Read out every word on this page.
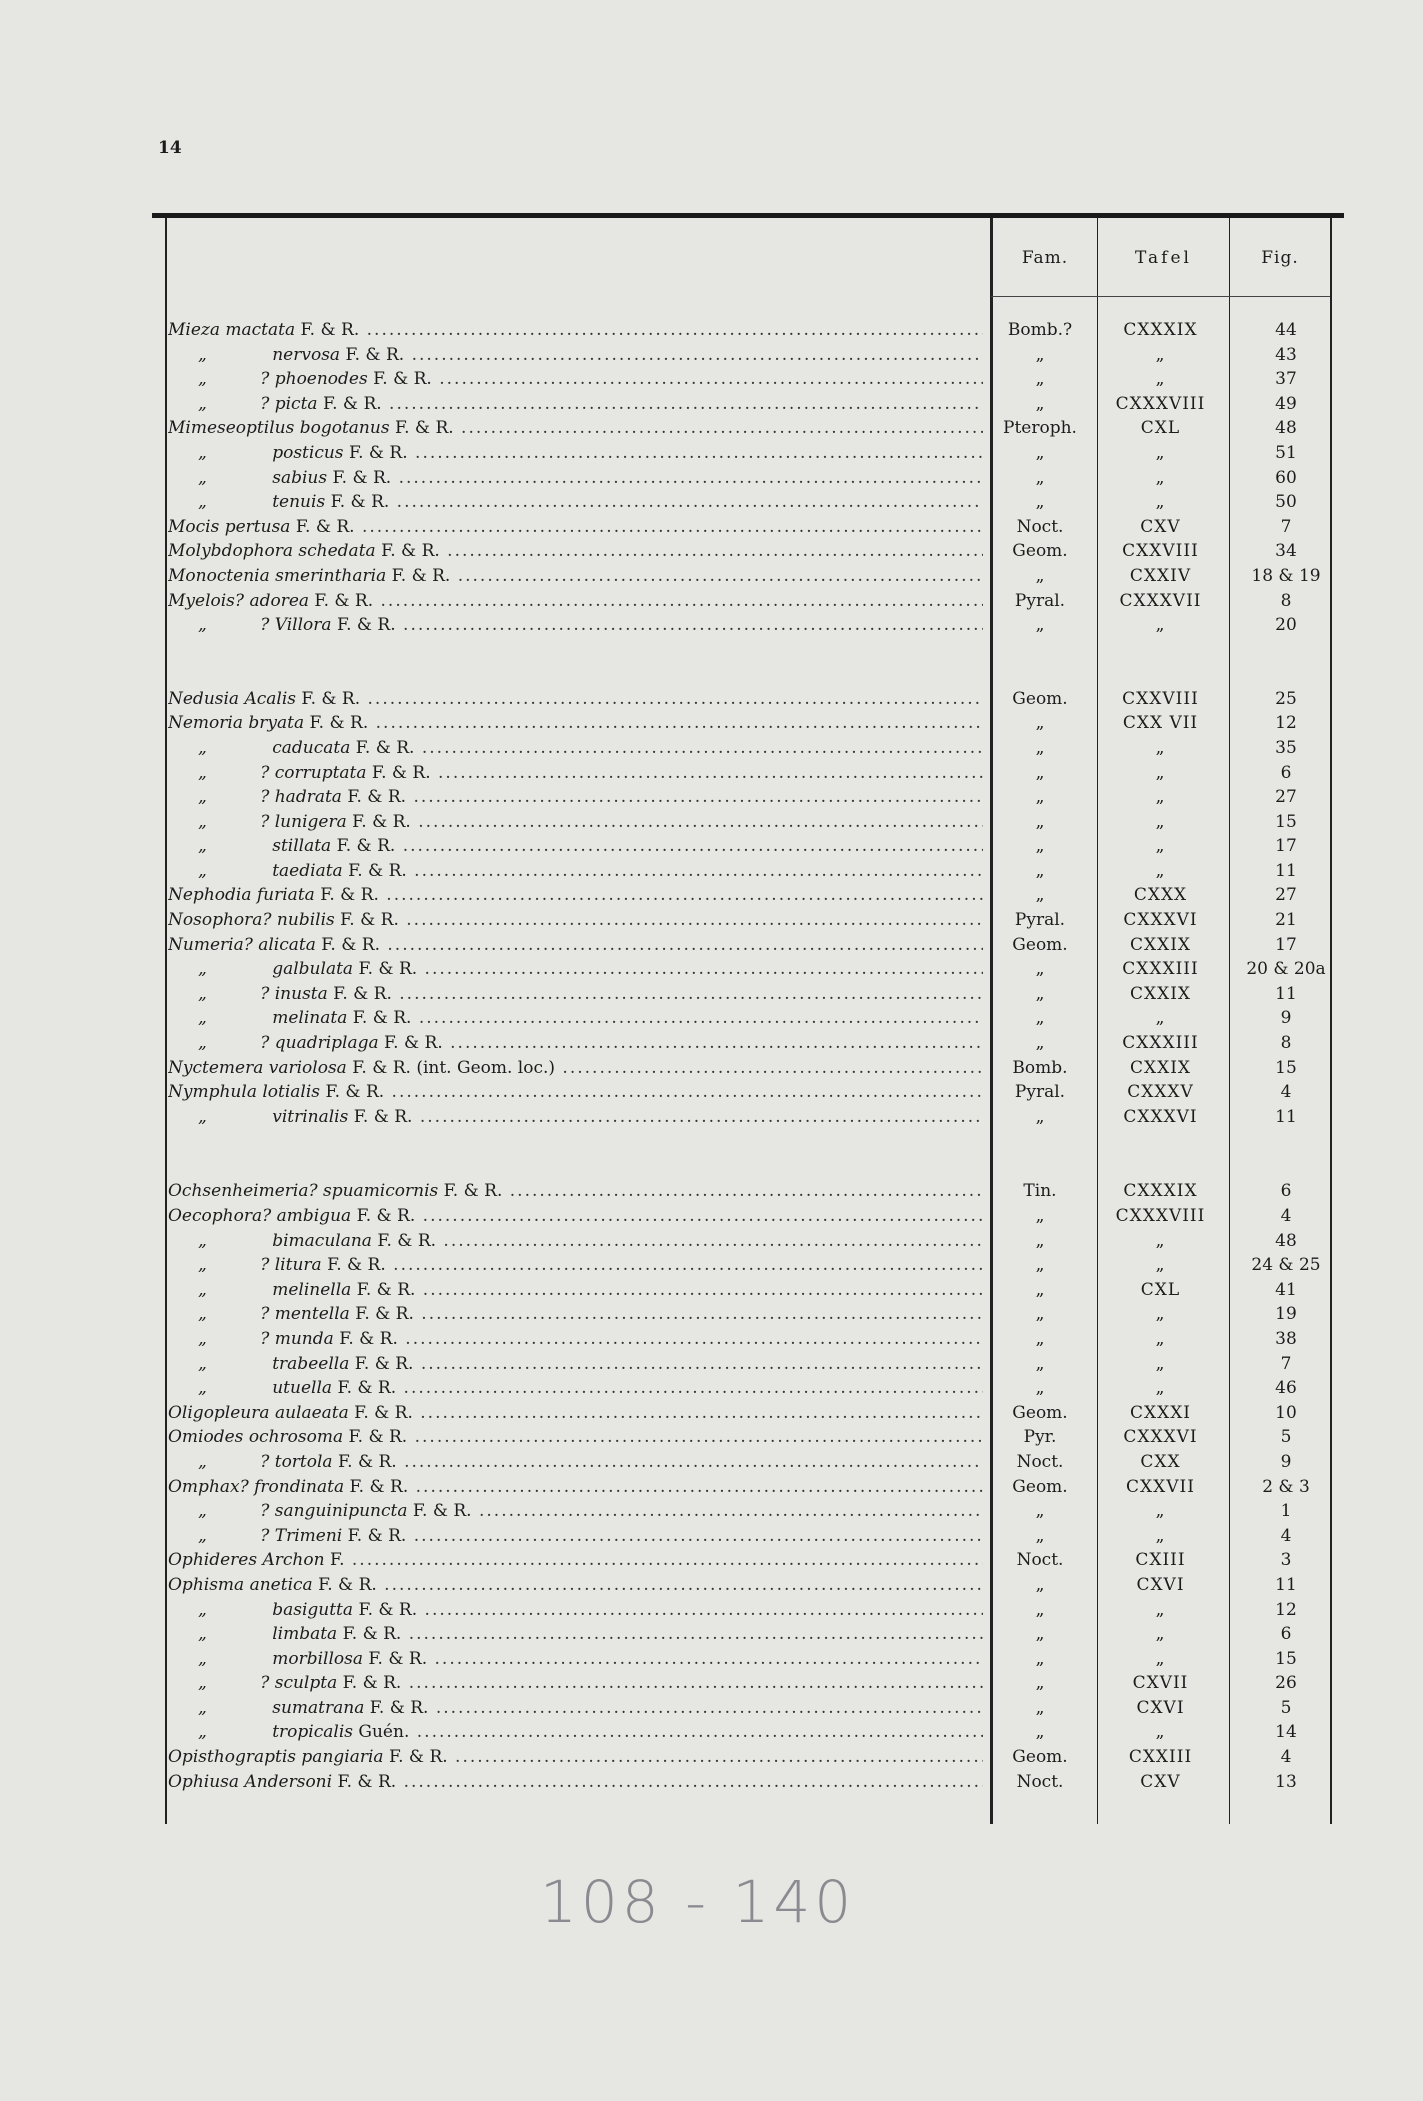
14
Fam.	Tafel	Fig.
Mieza mactata F. & R. .....	Bomb.?	CXXXIX	44
„	nervosa F. & R. .....	„	„	43
„	? phoenodes F. & R. .....	„	„	37
„	? picta F. & R. .....	„	CXXXVIII	49
Mimeseoptilus bogotanus F. & R. .....	Pteroph.	CXL	48
„	posticus F. & R. .....	„	„	51
„	sabius F. & R. .....	„	„	60
„	tenuis F. & R. .....	„	„	50
Mocis pertusa F. & R. .....	Noct.	CXV	7
Molybdophora schedata F. & R. .....	Geom.	CXXVIII	34
Monoctenia smerintharia F. & R. .....	„	CXXIV	18 & 19
Myelois? adorea F. & R. .....	Pyral.	CXXXVII	8
„	? Villora F. & R. .....	„	„	20
Nedusia Acalis F. & R. .....	Geom.	CXXVIII	25
Nemoria bryata F. & R. .....	„	CXX VII	12
„	caducata F. & R. .....	„	„	35
„	? corruptata F. & R. .....	„	„	6
„	? hadrata F. & R. .....	„	„	27
„	? lunigera F. & R. .....	„	„	15
„	stillata F. & R. .....	„	„	17
„	taediata F. & R. .....	„	„	11
Nephodia furiata F. & R. .....	„	CXXX	27
Nosophora? nubilis F. & R. .....	Pyral.	CXXXVI	21
Numeria? alicata F. & R. .....	Geom.	CXXIX	17
„	galbulata F. & R. .....	„	CXXXIII	20 & 20a
„	? inusta F. & R. .....	„	CXXIX	11
„	melinata F. & R. .....	„	„	9
„	? quadriplaga F. & R. .....	„	CXXXIII	8
Nyctemera variolosa F. & R. (int. Geom. loc.) .....	Bomb.	CXXIX	15
Nymphula lotialis F. & R. .....	Pyral.	CXXXV	4
„	vitrinalis F. & R. .....	„	CXXXVI	11
Ochsenheimeria? spuamicornis F. & R. .....	Tin.	CXXXIX	6
Oecophora? ambigua F. & R. .....	„	CXXXVIII	4
„	bimaculana F. & R. .....	„	„	48
„	? litura F. & R. .....	„	„	24 & 25
„	melinella F. & R. .....	„	CXL	41
„	? mentella F. & R. .....	„	„	19
„	? munda F. & R. .....	„	„	38
„	trabeella F. & R. .....	„	„	7
„	utuella F. & R. .....	„	„	46
Oligopleura aulaeata F. & R. .....	Geom.	CXXXI	10
Omiodes ochrosoma F. & R. .....	Pyr.	CXXXVI	5
„	? tortola F. & R. .....	Noct.	CXX	9
Omphax? frondinata F. & R. .....	Geom.	CXXVII	2 & 3
„	? sanguinipuncta F. & R. .....	„	„	1
„	? Trimeni F. & R. .....	„	„	4
Ophideres Archon F. .....	Noct.	CXIII	3
Ophisma anetica F. & R. .....	„	CXVI	11
„	basigutta F. & R. .....	„	„	12
„	limbata F. & R. .....	„	„	6
„	morbillosa F. & R. .....	„	„	15
„	? sculpta F. & R. .....	„	CXVII	26
„	sumatrana F. & R. .....	„	CXVI	5
„	tropicalis Guén. .....	„	„	14
Opisthograptis pangiaria F. & R. .....	Geom.	CXXIII	4
Ophiusa Andersoni F. & R. .....	Noct.	CXV	13
108 - 140
